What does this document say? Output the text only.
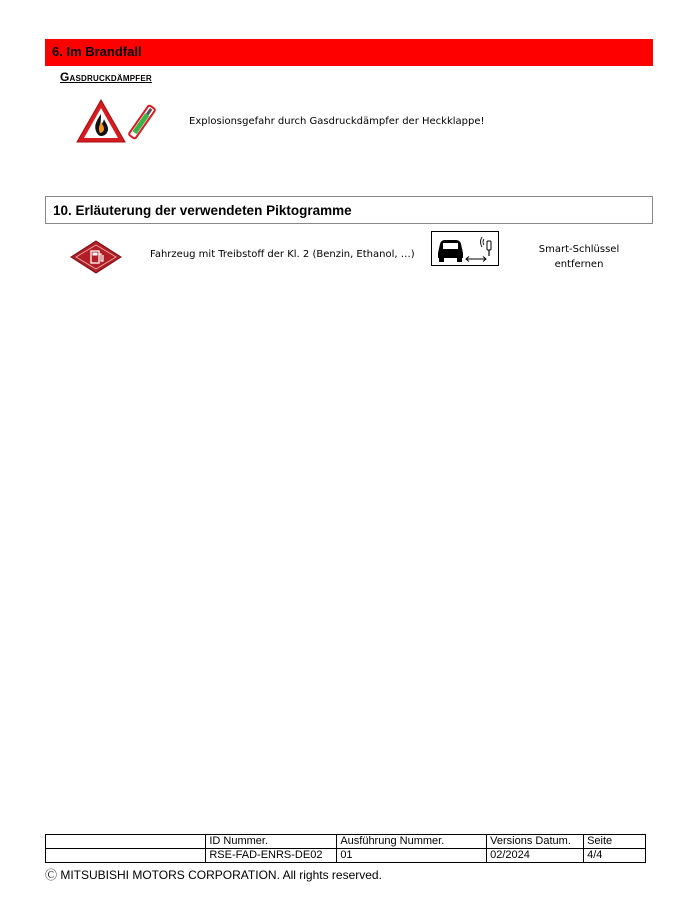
6. Im Brandfall
Gasdruckdämpfer
Explosionsgefahr durch Gasdruckdämpfer der Heckklappe!
10. Erläuterung der verwendeten Piktogramme
Fahrzeug mit Treibstoff der Kl. 2 (Benzin, Ethanol, …)	Smart-Schlüssel
entfernen
	ID Nummer.	Ausführung Nummer.	Versions Datum.	Seite
	RSE-FAD-ENRS-DE02	01	02/2024	4/4
Ⓒ MITSUBISHI MOTORS CORPORATION. All rights reserved.
